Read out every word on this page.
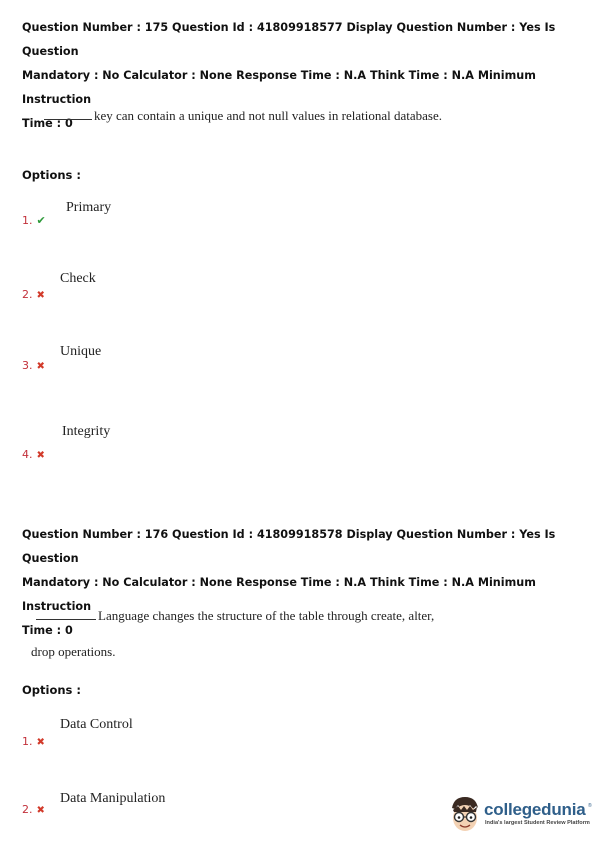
Question Number : 175 Question Id : 41809918577 Display Question Number : Yes Is Question
Mandatory : No Calculator : None Response Time : N.A Think Time : N.A Minimum Instruction
Time : 0
key can contain a unique and not null values in relational database.
Options :
Primary
1. ✔
Check
2. ✖
Unique
3. ✖
Integrity
4. ✖
Question Number : 176 Question Id : 41809918578 Display Question Number : Yes Is Question
Mandatory : No Calculator : None Response Time : N.A Think Time : N.A Minimum Instruction
Time : 0
Language changes the structure of the table through create, alter,
drop operations.
Options :
Data Control
1. ✖
Data Manipulation
2. ✖	collegedunia ®
India's largest Student Review Platform
